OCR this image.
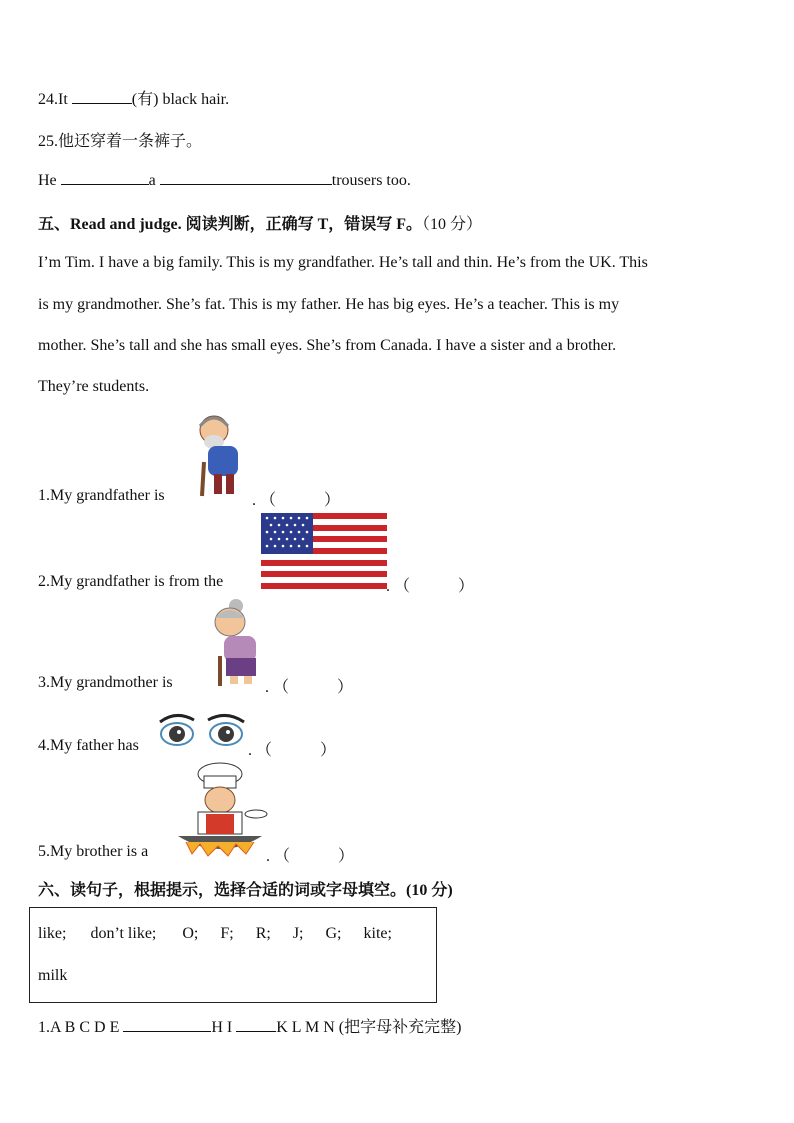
24.It	(有) black hair.
25.他还穿着一条裤子。
He	a	trousers too.
五、Read and judge. 阅读判断，正确写 T，错误写 F。（10 分）
I’m Tim. I have a big family. This is my grandfather. He’s tall and thin. He’s from the UK. This
is my grandmother. She’s fat. This is my father. He has big eyes. He’s a teacher. This is my
mother. She’s tall and she has small eyes. She’s from Canada. I have a sister and a brother.
They’re students.
1.My grandfather is	. （　　　）
2.My grandfather is from the	. （　　　）
3.My grandmother is	. （　　　）
4.My father has	. （　　　）
5.My brother is a	. （　　　）
六、读句子，根据提示，选择合适的词或字母填空。(10 分)
like; don’t like; O; F; R; J; G; kite;
milk
1.A B C D E	H I	K L M N (把字母补充完整)
